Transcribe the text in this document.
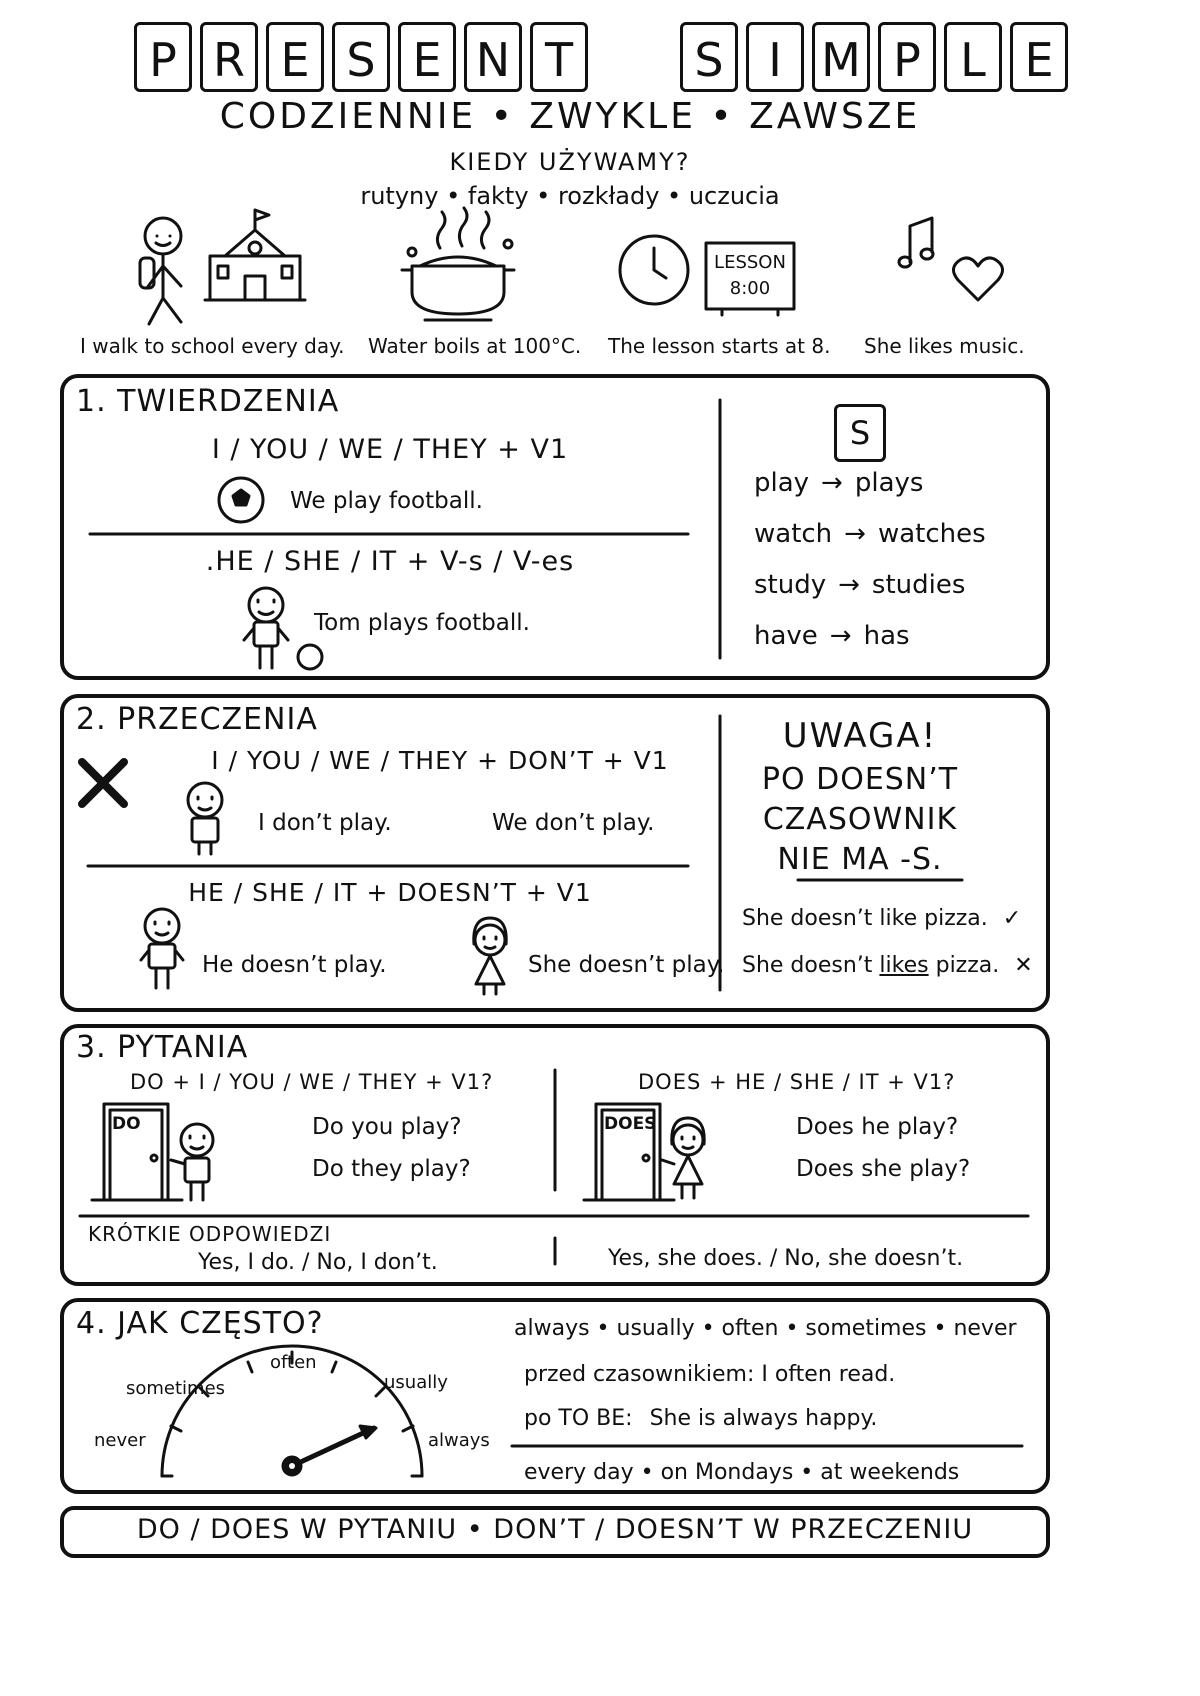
P R E S E N T	S I M P L E
CODZIENNIE • ZWYKLE • ZAWSZE
KIEDY UŻYWAMY?
rutyny • fakty • rozkłady • uczucia
LESSON
8:00
I walk to school every day. Water boils at 100°C. The lesson starts at 8. She likes music.
1. TWIERDZENIA
I / YOU / WE / THEY + V1
We play football.
.HE / SHE / IT + V-s / V-es
Tom plays football.
S
play → plays
watch → watches
study → studies
have → has
2. PRZECZENIA
I / YOU / WE / THEY + DON’T + V1
I don’t play.	We don’t play.
HE / SHE / IT + DOESN’T + V1
He doesn’t play.	She doesn’t play.
UWAGA!
PO DOESN’T
CZASOWNIK
NIE MA -S.
She doesn’t like pizza. ✓
She doesn’t likes pizza. ✕
3. PYTANIA
DO + I / YOU / WE / THEY + V1?	DOES + HE / SHE / IT + V1?
DO	DOES
Do you play?
Do they play?
Does he play?
Does she play?
KRÓTKIE ODPOWIEDZI
Yes, I do. / No, I don’t.	Yes, she does. / No, she doesn’t.
4. JAK CZĘSTO?
never
sometimes
often
usually
always
always • usually • often • sometimes • never
przed czasownikiem: I often read.
po TO BE: She is always happy.
every day • on Mondays • at weekends
DO / DOES W PYTANIU • DON’T / DOESN’T W PRZECZENIU
